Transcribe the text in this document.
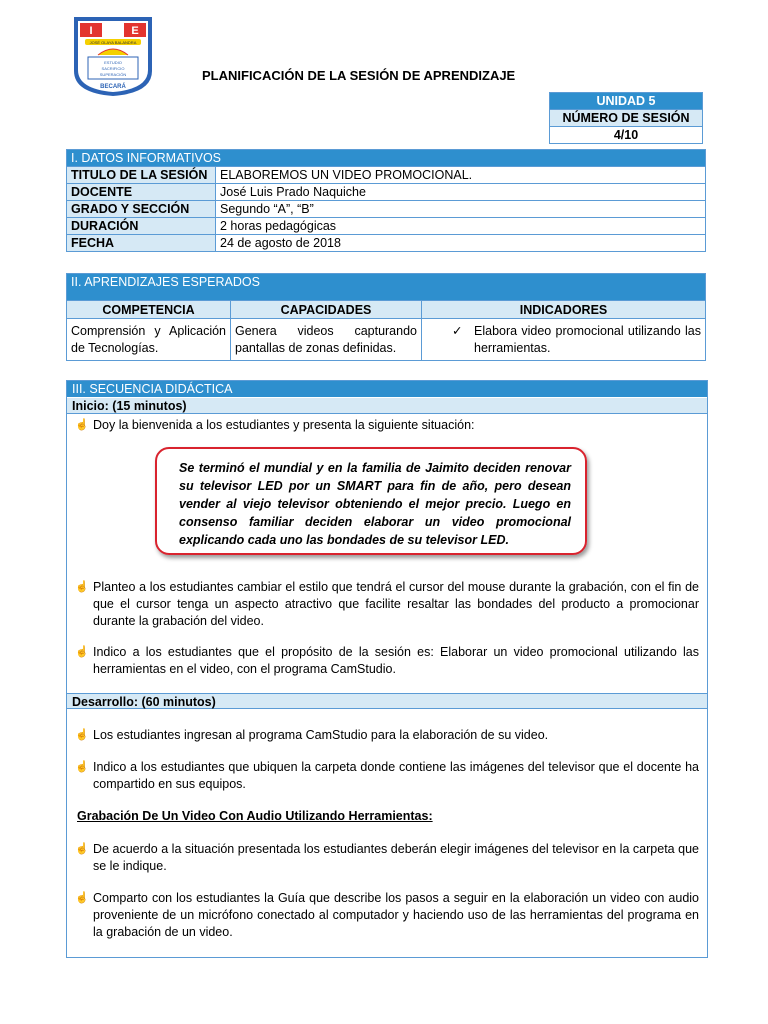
I	E
JOSÉ OLAYA BALANDRA
ESTUDIO
SACRIFICIO
SUPERACIÓN
BECARÁ
PLANIFICACIÓN DE LA SESIÓN DE APRENDIZAJE
UNIDAD 5
NÚMERO DE SESIÓN
4/10
I. DATOS INFORMATIVOS	
TITULO DE LA SESIÓN	ELABOREMOS UN VIDEO PROMOCIONAL.
DOCENTE	José Luis Prado Naquiche
GRADO Y SECCIÓN	Segundo “A”, “B”
DURACIÓN	2 horas pedagógicas
FECHA	24 de agosto de 2018
II. APRENDIZAJES ESPERADOS		
COMPETENCIA	CAPACIDADES	INDICADORES
Comprensión y Aplicación de Tecnologías.	Genera videos capturando pantallas de zonas definidas.	✓ Elabora video promocional utilizando las herramientas.
III. SECUENCIA DIDÁCTICA
Inicio: (15 minutos)
☝ Doy la bienvenida a los estudiantes y presenta la siguiente situación:
Se terminó el mundial y en la familia de Jaimito deciden renovar su televisor LED por un SMART para fin de año, pero desean vender al viejo televisor obteniendo el mejor precio. Luego en consenso familiar deciden elaborar un video promocional explicando cada uno las bondades de su televisor LED.
☝ Planteo a los estudiantes cambiar el estilo que tendrá el cursor del mouse durante la grabación, con el fin de que el cursor tenga un aspecto atractivo que facilite resaltar las bondades del producto a promocionar durante la grabación del video.
☝ Indico a los estudiantes que el propósito de la sesión es: Elaborar un video promocional utilizando las herramientas en el video, con el programa CamStudio.
Desarrollo: (60 minutos)
☝ Los estudiantes ingresan al programa CamStudio para la elaboración de su video.
☝ Indico a los estudiantes que ubiquen la carpeta donde contiene las imágenes del televisor que el docente ha compartido en sus equipos.
Grabación De Un Video Con Audio Utilizando Herramientas:
☝ De acuerdo a la situación presentada los estudiantes deberán elegir imágenes del televisor en la carpeta que se le indique.
☝ Comparto con los estudiantes la Guía que describe los pasos a seguir en la elaboración un video con audio proveniente de un micrófono conectado al computador y haciendo uso de las herramientas del programa en la grabación de un video.
